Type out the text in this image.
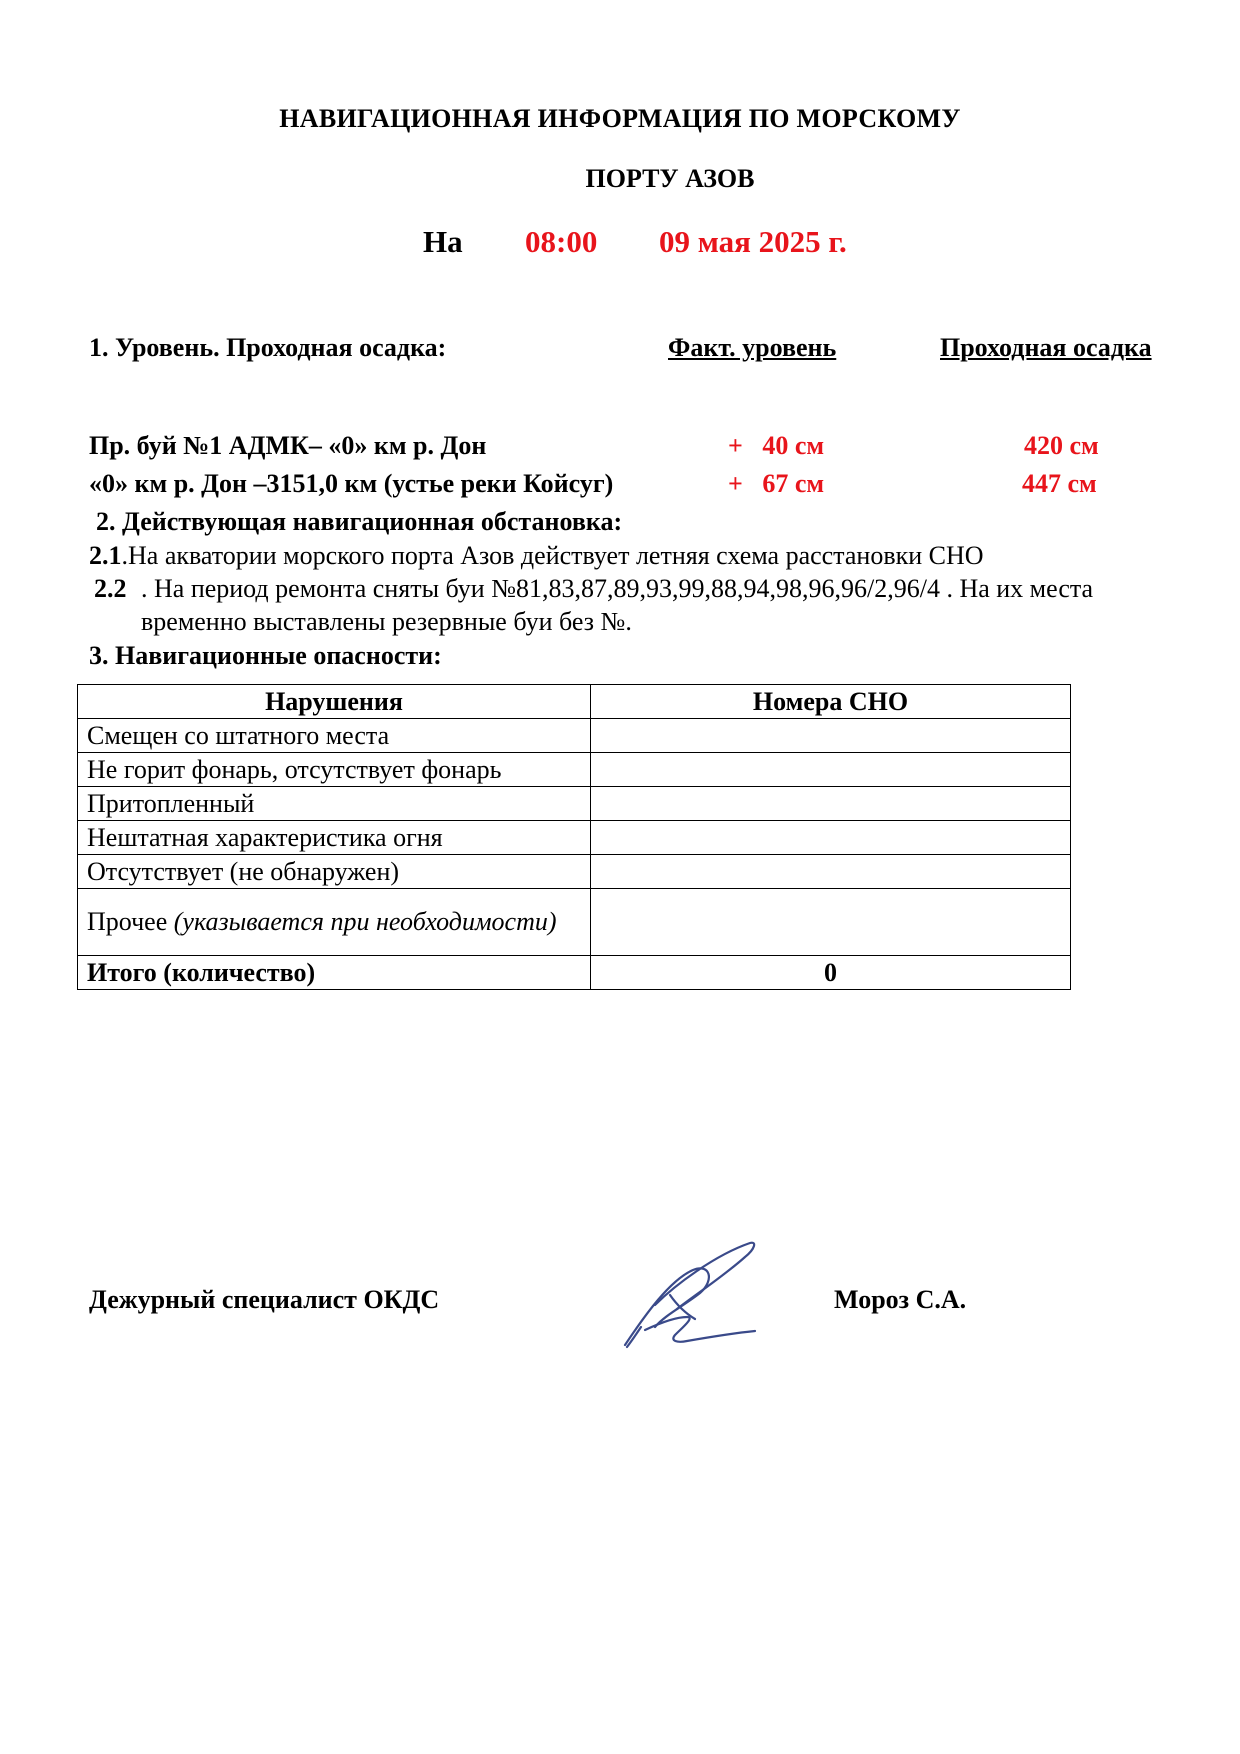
НАВИГАЦИОННАЯ ИНФОРМАЦИЯ ПО МОРСКОМУ
ПОРТУ АЗОВ
На 08:00 09 мая 2025 г.
1. Уровень. Проходная осадка:	Факт. уровень	Проходная осадка
Пр. буй №1 АДМК– «0» км р. Дон	+   40 см	420 см
«0» км р. Дон –3151,0 км (устье реки Койсуг)	+   67 см	447 см
2. Действующая навигационная обстановка:
2.1.На акватории морского порта Азов действует летняя схема расстановки СНО
2.2 . На период ремонта сняты буи №81,83,87,89,93,99,88,94,98,96,96/2,96/4 . На их места
временно выставлены резервные буи без №.
3. Навигационные опасности:
Нарушения	Номера СНО
Смещен со штатного места	
Не горит фонарь, отсутствует фонарь	
Притопленный	
Нештатная характеристика огня	
Отсутствует (не обнаружен)	
Прочее (указывается при необходимости)	
Итого (количество)	0
Дежурный специалист ОКДС	Мороз С.А.
